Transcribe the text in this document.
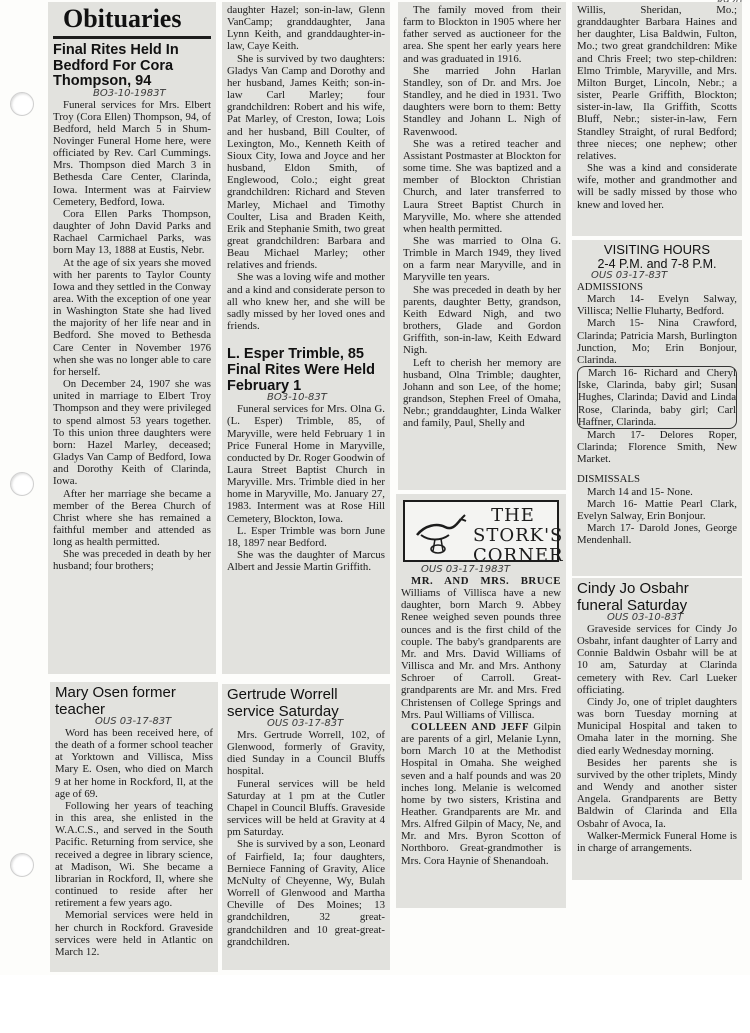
Obituaries
Final Rites Held In Bedford For Cora Thompson, 94
BO3-10-1983T

Funeral services for Mrs. Elbert Troy (Cora Ellen) Thompson, 94, of Bedford, held March 5 in Shum-Novinger Funeral Home here, were officiated by Rev. Carl Cummings. Mrs. Thompson died March 3 in Bethesda Care Center, Clarinda, Iowa. Interment was at Fairview Cemetery, Bedford, Iowa.

Cora Ellen Parks Thompson, daughter of John David Parks and Rachael Carmichael Parks, was born May 13, 1888 at Eustis, Nebr.

At the age of six years she moved with her parents to Taylor County Iowa and they settled in the Conway area. With the exception of one year in Washington State she had lived the majority of her life near and in Bedford. She moved to Bethesda Care Center in November 1976 when she was no longer able to care for herself.

On December 24, 1907 she was united in marriage to Elbert Troy Thompson and they were privileged to spend almost 53 years together. To this union three daughters were born: Hazel Marley, deceased; Gladys Van Camp of Bedford, Iowa and Dorothy Keith of Clarinda, Iowa.

After her marriage she became a member of the Berea Church of Christ where she has remained a faithful member and attended as long as health permitted.

She was preceded in death by her husband; four brothers;

Mary Osen former teacher
OUS 03-17-83T

Word has been received here, of the death of a former school teacher at Yorktown and Villisca, Miss Mary E. Osen, who died on March 9 at her home in Rockford, Il, at the age of 69.

Following her years of teaching in this area, she enlisted in the W.A.C.S., and served in the South Pacific. Returning from service, she received a degree in library science, at Madison, Wi. She became a librarian in Rockford, Il, where she continued to reside after her retirement a few years ago.

Memorial services were held in her church in Rockford. Graveside services were held in Atlantic on March 12.

daughter Hazel; son-in-law, Glenn VanCamp; granddaughter, Jana Lynn Keith, and granddaughter-in-law, Caye Keith.

She is survived by two daughters: Gladys Van Camp and Dorothy and her husband, James Keith; son-in-law Carl Marley; four grandchildren: Robert and his wife, Pat Marley, of Creston, Iowa; Lois and her husband, Bill Coulter, of Lexington, Mo., Kenneth Keith of Sioux City, Iowa and Joyce and her husband, Eldon Smith, of Englewood, Colo.; eight great grandchildren: Richard and Steven Marley, Michael and Timothy Coulter, Lisa and Braden Keith, Erik and Stephanie Smith, two great great grandchildren: Barbara and Beau Michael Marley; other relatives and friends.

She was a loving wife and mother and a kind and considerate person to all who knew her, and she will be sadly missed by her loved ones and friends.

L. Esper Trimble, 85 Final Rites Were Held February 1
BO3-10-83T

Funeral services for Mrs. Olna G. (L. Esper) Trimble, 85, of Maryville, were held February 1 in Price Funeral Home in Maryville, conducted by Dr. Roger Goodwin of Laura Street Baptist Church in Maryville. Mrs. Trimble died in her home in Maryville, Mo. January 27, 1983. Interment was at Rose Hill Cemetery, Blockton, Iowa.

L. Esper Trimble was born June 18, 1897 near Bedford.

She was the daughter of Marcus Albert and Jessie Martin Griffith.

Gertrude Worrell service Saturday
OUS 03-17-83T

Mrs. Gertrude Worrell, 102, of Glenwood, formerly of Gravity, died Sunday in a Council Bluffs hospital.

Funeral services will be held Saturday at 1 pm at the Cutler Chapel in Council Bluffs. Graveside services will be held at Gravity at 4 pm Saturday.

She is survived by a son, Leonard of Fairfield, Ia; four daughters, Berniece Fanning of Gravity, Alice McNulty of Cheyenne, Wy, Bulah Worrell of Glenwood and Martha Cheville of Des Moines; 13 grandchildren, 32 great-grandchildren and 10 great-great-grandchildren.

The family moved from their farm to Blockton in 1905 where her father served as auctioneer for the area. She spent her early years here and was graduated in 1916.

She married John Harlan Standley, son of Dr. and Mrs. Joe Standley, and he died in 1931. Two daughters were born to them: Betty Standley and Johann L. Nigh of Ravenwood.

She was a retired teacher and Assistant Postmaster at Blockton for some time. She was baptized and a member of Blockton Christian Church, and later transferred to Laura Street Baptist Church in Maryville, Mo. where she attended when health permitted.

She was married to Olna G. Trimble in March 1949, they lived on a farm near Maryville, and in Maryville ten years.

She was preceded in death by her parents, daughter Betty, grandson, Keith Edward Nigh, and two brothers, Glade and Gordon Griffith, son-in-law, Keith Edward Nigh.

Left to cherish her memory are husband, Olna Trimble; daughter, Johann and son Lee, of the home; grandson, Stephen Freel of Omaha, Nebr.; granddaughter, Linda Walker and family, Paul, Shelly and

THE STORK'S CORNER
OUS 03-17-1983T

MR. AND MRS. BRUCE Williams of Villisca have a new daughter, born March 9. Abbey Renee weighed seven pounds three ounces and is the first child of the couple. The baby's grandparents are Mr. and Mrs. David Williams of Villisca and Mr. and Mrs. Anthony Schroer of Carroll. Great-grandparents are Mr. and Mrs. Fred Christensen of College Springs and Mrs. Paul Williams of Villisca.

COLLEEN AND JEFF Gilpin are parents of a girl, Melanie Lynn, born March 10 at the Methodist Hospital in Omaha. She weighed seven and a half pounds and was 20 inches long. Melanie is welcomed home by two sisters, Kristina and Heather. Grandparents are Mr. and Mrs. Alfred Gilpin of Macy, Ne, and Mr. and Mrs. Byron Scotton of Northboro. Great-grandmother is Mrs. Cora Haynie of Shenandoah.

Willis, Sheridan, Mo.; granddaughter Barbara Haines and her daughter, Lisa Baldwin, Fulton, Mo.; two great grandchildren: Mike and Chris Freel; two step-children: Elmo Trimble, Maryville, and Mrs. Milton Burget, Lincoln, Nebr.; a sister, Pearle Griffith, Blockton; sister-in-law, Ila Griffith, Scotts Bluff, Nebr.; sister-in-law, Fern Standley Straight, of rural Bedford; three nieces; one nephew; other relatives.

She was a kind and considerate wife, mother and grandmother and will be sadly missed by those who knew and loved her.

VISITING HOURS
2-4 P.M. and 7-8 P.M.
OUS 03-17-83T

ADMISSIONS

March 14- Evelyn Salway, Villisca; Nellie Fluharty, Bedford.

March 15- Nina Crawford, Clarinda; Patricia Marsh, Burlington Junction, Mo; Erin Bonjour, Clarinda.

March 16- Richard and Cheryl Iske, Clarinda, baby girl; Susan Hughes, Clarinda; David and Linda Rose, Clarinda, baby girl; Carl Haffner, Clarinda.

March 17- Delores Roper, Clarinda; Florence Smith, New Market.

DISMISSALS

March 14 and 15- None.

March 16- Mattie Pearl Clark, Evelyn Salway, Erin Bonjour.

March 17- Darold Jones, George Mendenhall.

Cindy Jo Osbahr funeral Saturday
OUS 03-10-83T

Graveside services for Cindy Jo Osbahr, infant daughter of Larry and Connie Baldwin Osbahr will be at 10 am, Saturday at Clarinda cemetery with Rev. Carl Lueker officiating.

Cindy Jo, one of triplet daughters was born Tuesday morning at Municipal Hospital and taken to Omaha later in the morning. She died early Wednesday morning.

Besides her parents she is survived by the other triplets, Mindy and Wendy and another sister Angela. Grandparents are Betty Baldwin of Clarinda and Ella Osbahr of Avoca, Ia.

Walker-Mermick Funeral Home is in charge of arrangements.
